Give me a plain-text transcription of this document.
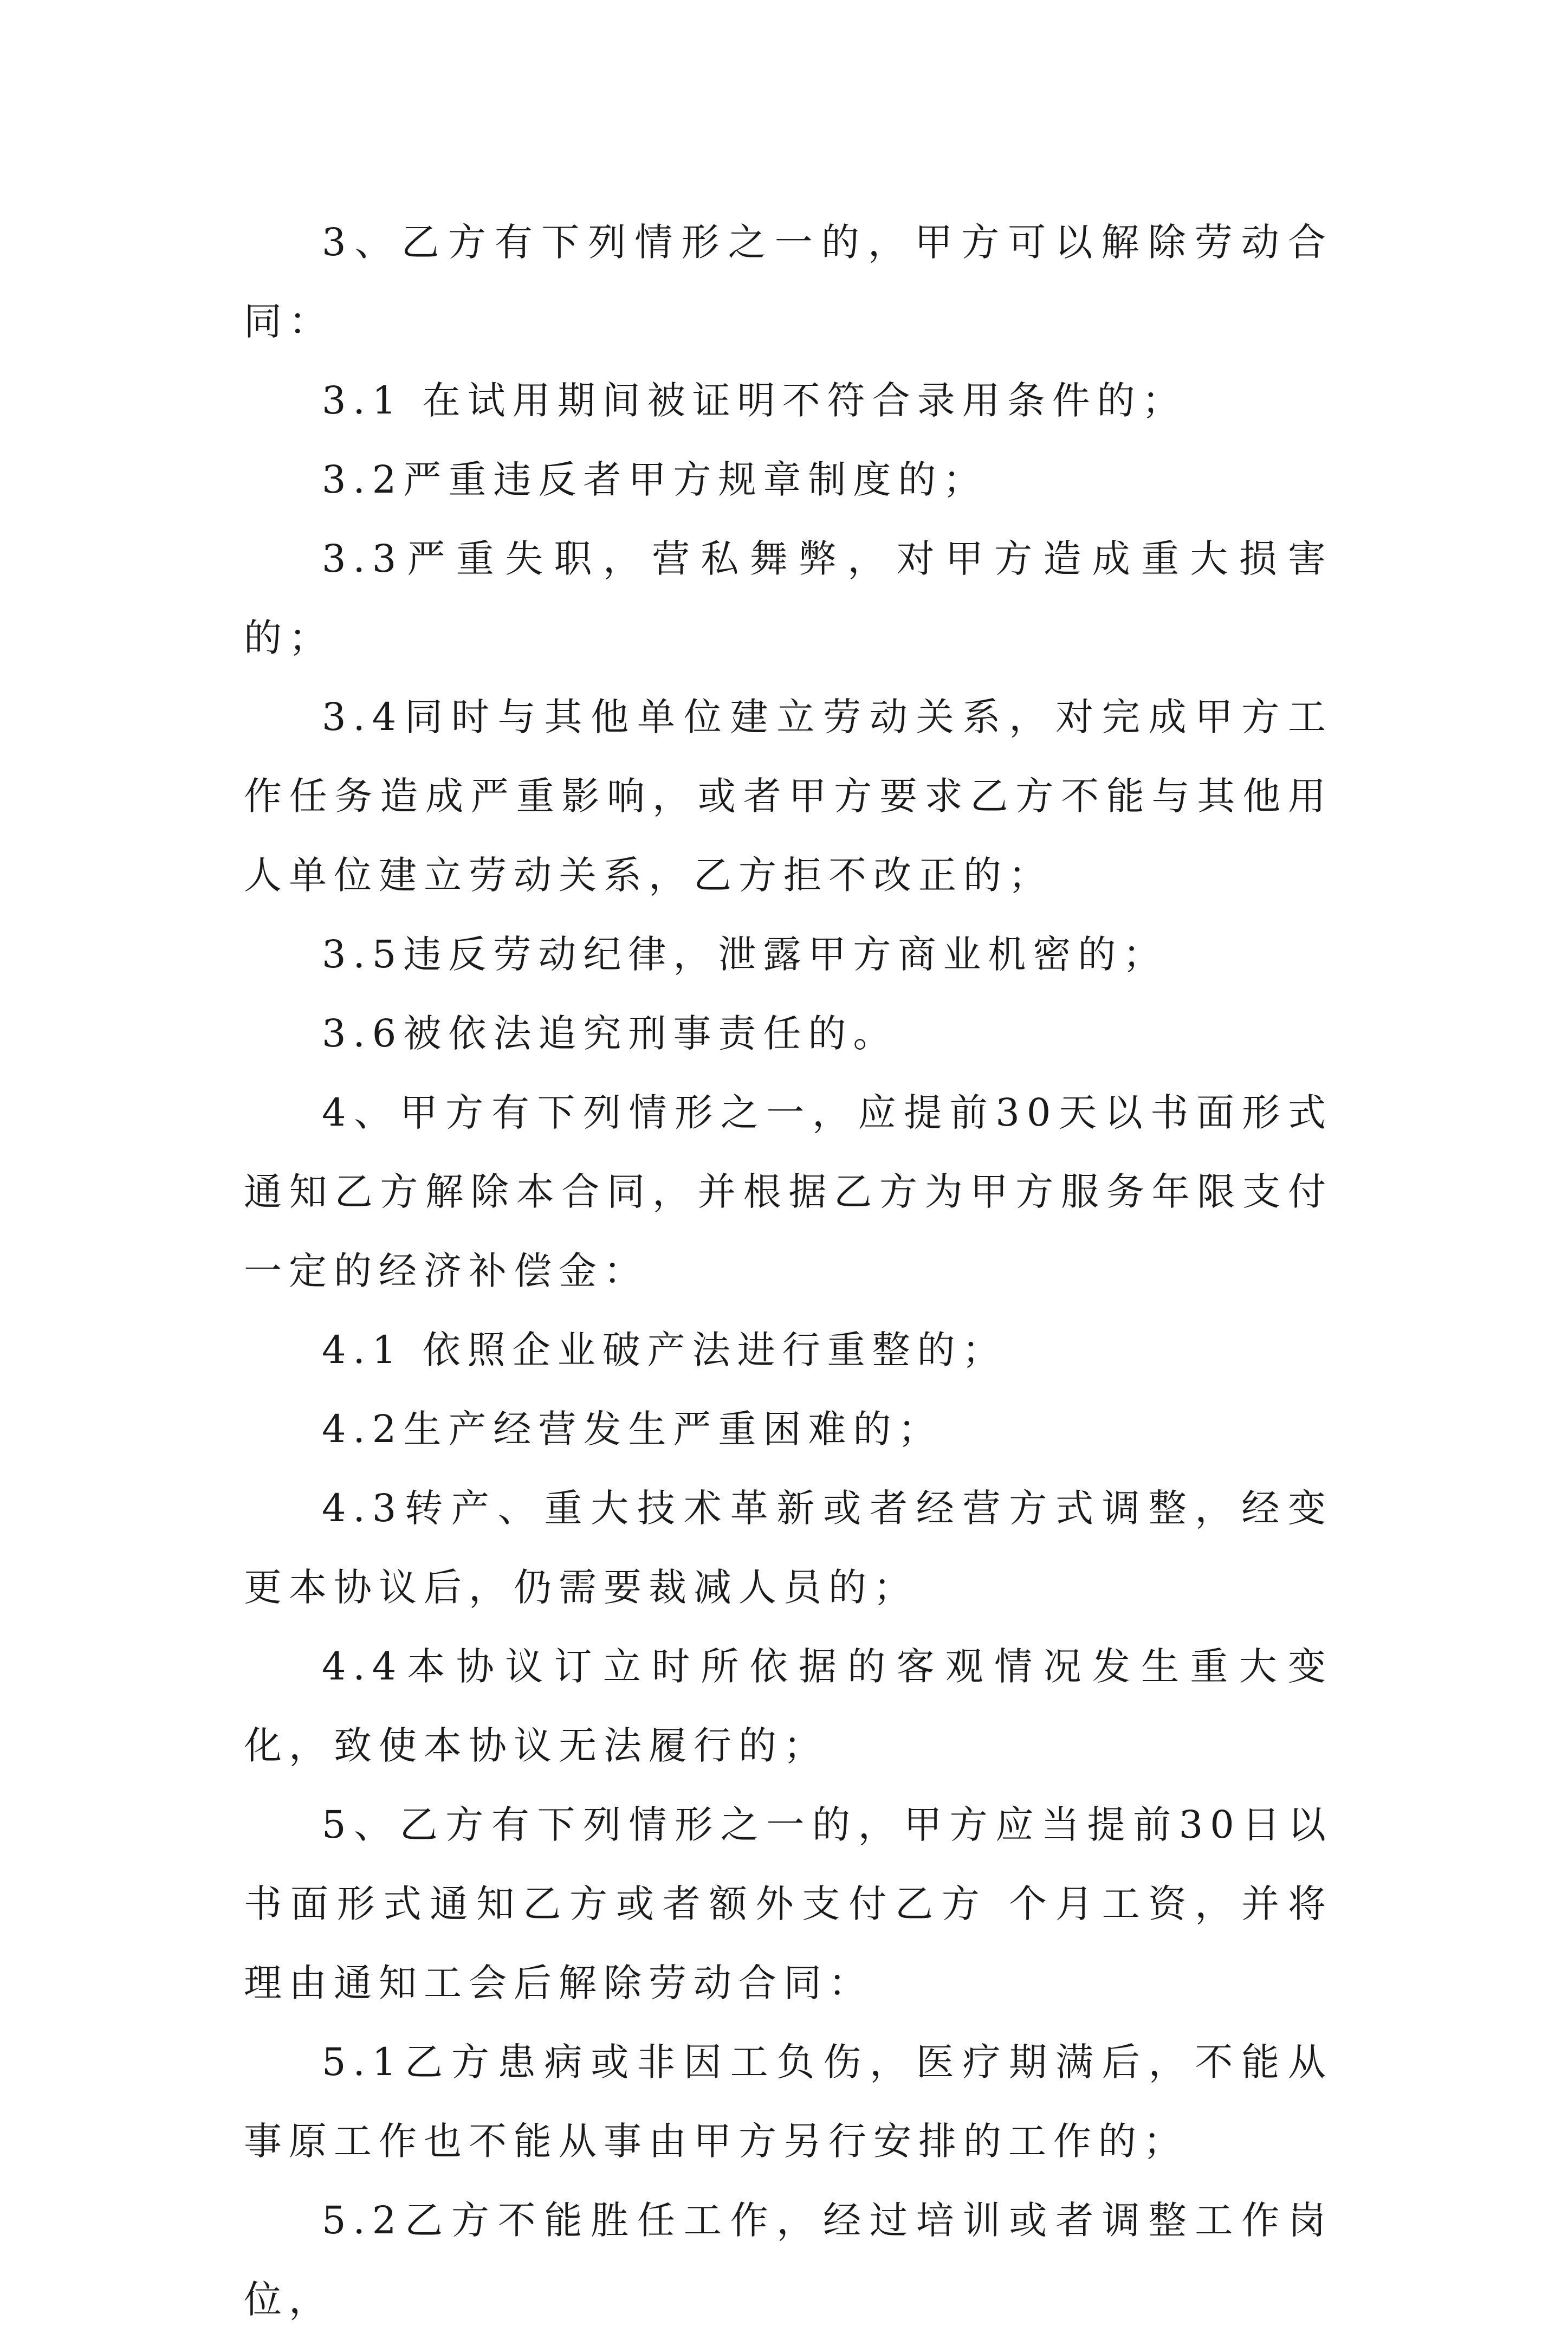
3、乙方有下列情形之一的，甲方可以解除劳动合同：

3.1 在试用期间被证明不符合录用条件的；

3.2严重违反者甲方规章制度的；

3.3严重失职，营私舞弊，对甲方造成重大损害的；

3.4同时与其他单位建立劳动关系，对完成甲方工作任务造成严重影响，或者甲方要求乙方不能与其他用人单位建立劳动关系，乙方拒不改正的；

3.5违反劳动纪律，泄露甲方商业机密的；

3.6被依法追究刑事责任的。

4、甲方有下列情形之一，应提前30天以书面形式通知乙方解除本合同，并根据乙方为甲方服务年限支付一定的经济补偿金：

4.1 依照企业破产法进行重整的；

4.2生产经营发生严重困难的；

4.3转产、重大技术革新或者经营方式调整，经变更本协议后，仍需要裁减人员的；

4.4本协议订立时所依据的客观情况发生重大变化，致使本协议无法履行的；

5、乙方有下列情形之一的，甲方应当提前30日以书面形式通知乙方或者额外支付乙方 个月工资，并将理由通知工会后解除劳动合同：

5.1乙方患病或非因工负伤，医疗期满后，不能从事原工作也不能从事由甲方另行安排的工作的；

5.2乙方不能胜任工作，经过培训或者调整工作岗位，
